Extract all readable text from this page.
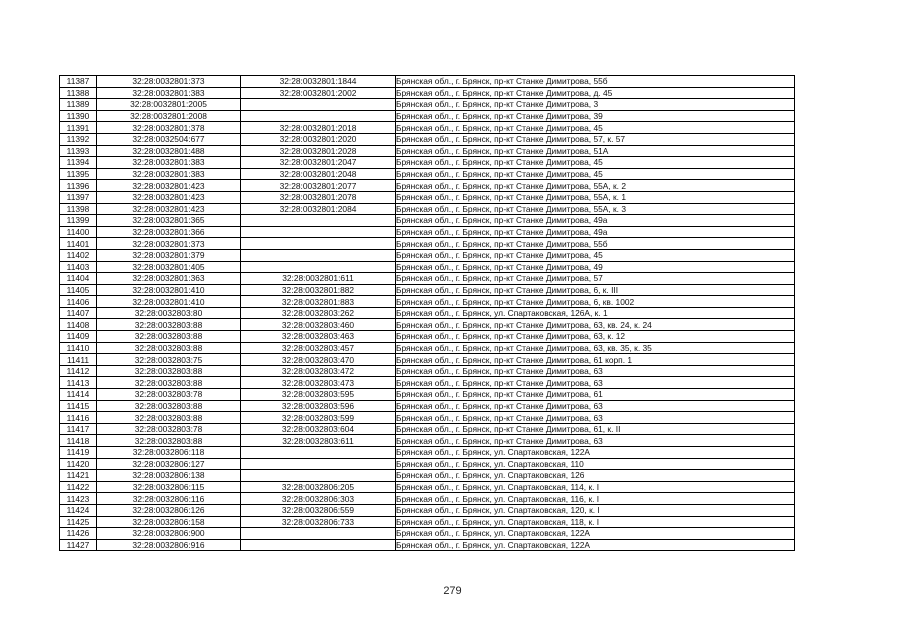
11387	32:28:0032801:373	32:28:0032801:1844	Брянская обл., г. Брянск, пр-кт Станке Димитрова, 55б
11388	32:28:0032801:383	32:28:0032801:2002	Брянская обл., г. Брянск, пр-кт Станке Димитрова, д. 45
11389	32:28:0032801:2005		Брянская обл., г. Брянск, пр-кт Станке Димитрова, 3
11390	32:28:0032801:2008		Брянская обл., г. Брянск, пр-кт Станке Димитрова, 39
11391	32:28:0032801:378	32:28:0032801:2018	Брянская обл., г. Брянск, пр-кт Станке Димитрова, 45
11392	32:28:0032504:677	32:28:0032801:2020	Брянская обл., г. Брянск, пр-кт Станке Димитрова, 57, к. 57
11393	32:28:0032801:488	32:28:0032801:2028	Брянская обл., г. Брянск, пр-кт Станке Димитрова, 51А
11394	32:28:0032801:383	32:28:0032801:2047	Брянская обл., г. Брянск, пр-кт Станке Димитрова, 45
11395	32:28:0032801:383	32:28:0032801:2048	Брянская обл., г. Брянск, пр-кт Станке Димитрова, 45
11396	32:28:0032801:423	32:28:0032801:2077	Брянская обл., г. Брянск, пр-кт Станке Димитрова, 55А, к. 2
11397	32:28:0032801:423	32:28:0032801:2078	Брянская обл., г. Брянск, пр-кт Станке Димитрова, 55А, к. 1
11398	32:28:0032801:423	32:28:0032801:2084	Брянская обл., г. Брянск, пр-кт Станке Димитрова, 55А, к. 3
11399	32:28:0032801:365		Брянская обл., г. Брянск, пр-кт Станке Димитрова, 49а
11400	32:28:0032801:366		Брянская обл., г. Брянск, пр-кт Станке Димитрова, 49а
11401	32:28:0032801:373		Брянская обл., г. Брянск, пр-кт Станке Димитрова, 55б
11402	32:28:0032801:379		Брянская обл., г. Брянск, пр-кт Станке Димитрова, 45
11403	32:28:0032801:405		Брянская обл., г. Брянск, пр-кт Станке Димитрова, 49
11404	32:28:0032801:363	32:28:0032801:611	Брянская обл., г. Брянск, пр-кт Станке Димитрова, 57
11405	32:28:0032801:410	32:28:0032801:882	Брянская обл., г. Брянск, пр-кт Станке Димитрова, 6, к. III
11406	32:28:0032801:410	32:28:0032801:883	Брянская обл., г. Брянск, пр-кт Станке Димитрова, 6, кв. 1002
11407	32:28:0032803:80	32:28:0032803:262	Брянская обл., г. Брянск, ул. Спартаковская, 126А, к. 1
11408	32:28:0032803:88	32:28:0032803:460	Брянская обл., г. Брянск, пр-кт Станке Димитрова, 63, кв. 24, к. 24
11409	32:28:0032803:88	32:28:0032803:463	Брянская обл., г. Брянск, пр-кт Станке Димитрова, 63, к. 12
11410	32:28:0032803:88	32:28:0032803:457	Брянская обл., г. Брянск, пр-кт Станке Димитрова, 63, кв. 35, к. 35
11411	32:28:0032803:75	32:28:0032803:470	Брянская обл., г. Брянск, пр-кт Станке Димитрова, 61 корп. 1
11412	32:28:0032803:88	32:28:0032803:472	Брянская обл., г. Брянск, пр-кт Станке Димитрова, 63
11413	32:28:0032803:88	32:28:0032803:473	Брянская обл., г. Брянск, пр-кт Станке Димитрова, 63
11414	32:28:0032803:78	32:28:0032803:595	Брянская обл., г. Брянск, пр-кт Станке Димитрова, 61
11415	32:28:0032803:88	32:28:0032803:596	Брянская обл., г. Брянск, пр-кт Станке Димитрова, 63
11416	32:28:0032803:88	32:28:0032803:599	Брянская обл., г. Брянск, пр-кт Станке Димитрова, 63
11417	32:28:0032803:78	32:28:0032803:604	Брянская обл., г. Брянск, пр-кт Станке Димитрова, 61, к. II
11418	32:28:0032803:88	32:28:0032803:611	Брянская обл., г. Брянск, пр-кт Станке Димитрова, 63
11419	32:28:0032806:118		Брянская обл., г. Брянск, ул. Спартаковская, 122А
11420	32:28:0032806:127		Брянская обл., г. Брянск, ул. Спартаковская, 110
11421	32:28:0032806:138		Брянская обл., г. Брянск, ул. Спартаковская, 126
11422	32:28:0032806:115	32:28:0032806:205	Брянская обл., г. Брянск, ул. Спартаковская, 114, к. I
11423	32:28:0032806:116	32:28:0032806:303	Брянская обл., г. Брянск, ул. Спартаковская, 116, к. I
11424	32:28:0032806:126	32:28:0032806:559	Брянская обл., г. Брянск, ул. Спартаковская, 120, к. I
11425	32:28:0032806:158	32:28:0032806:733	Брянская обл., г. Брянск, ул. Спартаковская, 118, к. I
11426	32:28:0032806:900		Брянская обл., г. Брянск, ул. Спартаковская, 122А
11427	32:28:0032806:916		Брянская обл., г. Брянск, ул. Спартаковская, 122А
279
